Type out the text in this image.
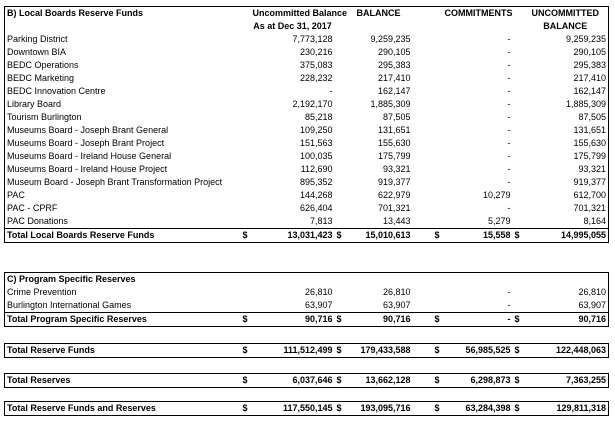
B) Local Boards Reserve Funds		Uncommitted Balance		BALANCE			COMMITMENTS		UNCOMMITTED
		As at Dec 31, 2017							BALANCE
Parking District		7,773,128		9,259,235			-		9,259,235
Downtown BIA		230,216		290,105			-		290,105
BEDC Operations		375,083		295,383			-		295,383
BEDC Marketing		228,232		217,410			-		217,410
BEDC Innovation Centre		-		162,147			-		162,147
Library Board		2,192,170		1,885,309			-		1,885,309
Tourism Burlington		85,218		87,505			-		87,505
Museums Board - Joseph Brant General		109,250		131,651			-		131,651
Museums Board - Joseph Brant Project		151,563		155,630			-		155,630
Museums Board - Ireland House General		100,035		175,799			-		175,799
Museums Board - Ireland House Project		112,690		93,321			-		93,321
Museum Board - Joseph Brant Transformation Project		895,352		919,377			-		919,377
PAC		144,268		622,979			10,279		612,700
PAC - CPRF		626,404		701,321			-		701,321
PAC Donations		7,813		13,443			5,279		8,164
Total Local Boards Reserve Funds	$	13,031,423	$	15,010,613		$	15,558	$	14,995,055
C) Program Specific Reserves									
Crime Prevention		26,810		26,810			-		26,810
Burlington International Games		63,907		63,907			-		63,907
Total Program Specific Reserves	$	90,716	$	90,716		$	-	$	90,716
Total Reserve Funds	$	111,512,499	$	179,433,588		$	56,985,525	$	122,448,063
Total Reserves	$	6,037,646	$	13,662,128		$	6,298,873	$	7,363,255
Total Reserve Funds and Reserves	$	117,550,145	$	193,095,716		$	63,284,398	$	129,811,318
